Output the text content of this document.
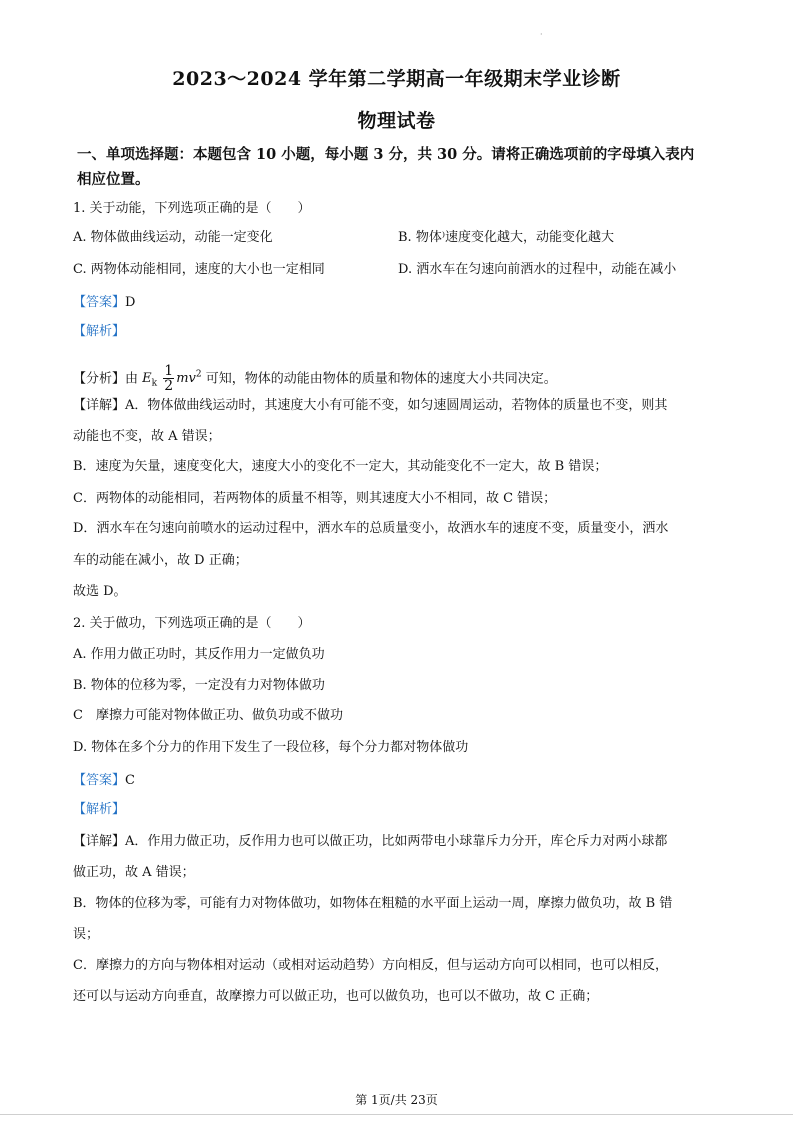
·
2023～2024 学年第二学期高一年级期末学业诊断
物理试卷
一、单项选择题：本题包含 10 小题，每小题 3 分，共 30 分。请将正确选项前的字母填入表内
相应位置。
1. 关于动能，下列选项正确的是（　　）
A. 物体做曲线运动，动能一定变化	B. 物体⁾速度变化越大，动能变化越大
C. 两物体动能相同，速度的大小也一定相同	D. 洒水车在匀速向前洒水的过程中，动能在减小
【答案】D
【解析】
【分析】由 $E_k \frac{1}{2} mv^2$ 可知，物体的动能由物体的质量和物体的速度大小共同决定。
【详解】A．物体做曲线运动时，其速度大小有可能不变，如匀速圆周运动，若物体的质量也不变，则其
动能也不变，故 A 错误；
B．速度为矢量，速度变化大，速度大小的变化不一定大，其动能变化不一定大，故 B 错误；
C．两物体的动能相同，若两物体的质量不相等，则其速度大小不相同，故 C 错误；
D．洒水车在匀速向前喷水的运动过程中，洒水车的总质量变小，故洒水车的速度不变，质量变小，洒水
车的动能在减小，故 D 正确；
故选 D。
2. 关于做功，下列选项正确的是（　　）
A. 作用力做正功时，其反作用力一定做负功
B. 物体的位移为零，一定没有力对物体做功
C　摩擦力可能对物体做正功、做负功或不做功
D. 物体在多个分力的作用下发生了一段位移，每个分力都对物体做功
【答案】C
【解析】
【详解】A．作用力做正功，反作用力也可以做正功，比如两带电小球靠斥力分开，库仑斥力对两小球都
做正功，故 A 错误；
B．物体的位移为零，可能有力对物体做功，如物体在粗糙的水平面上运动一周，摩擦力做负功，故 B 错
误；
C．摩擦力的方向与物体相对运动（或相对运动趋势）方向相反，但与运动方向可以相同，也可以相反，
还可以与运动方向垂直，故摩擦力可以做正功，也可以做负功，也可以不做功，故 C 正确；
第 1页/共 23页
